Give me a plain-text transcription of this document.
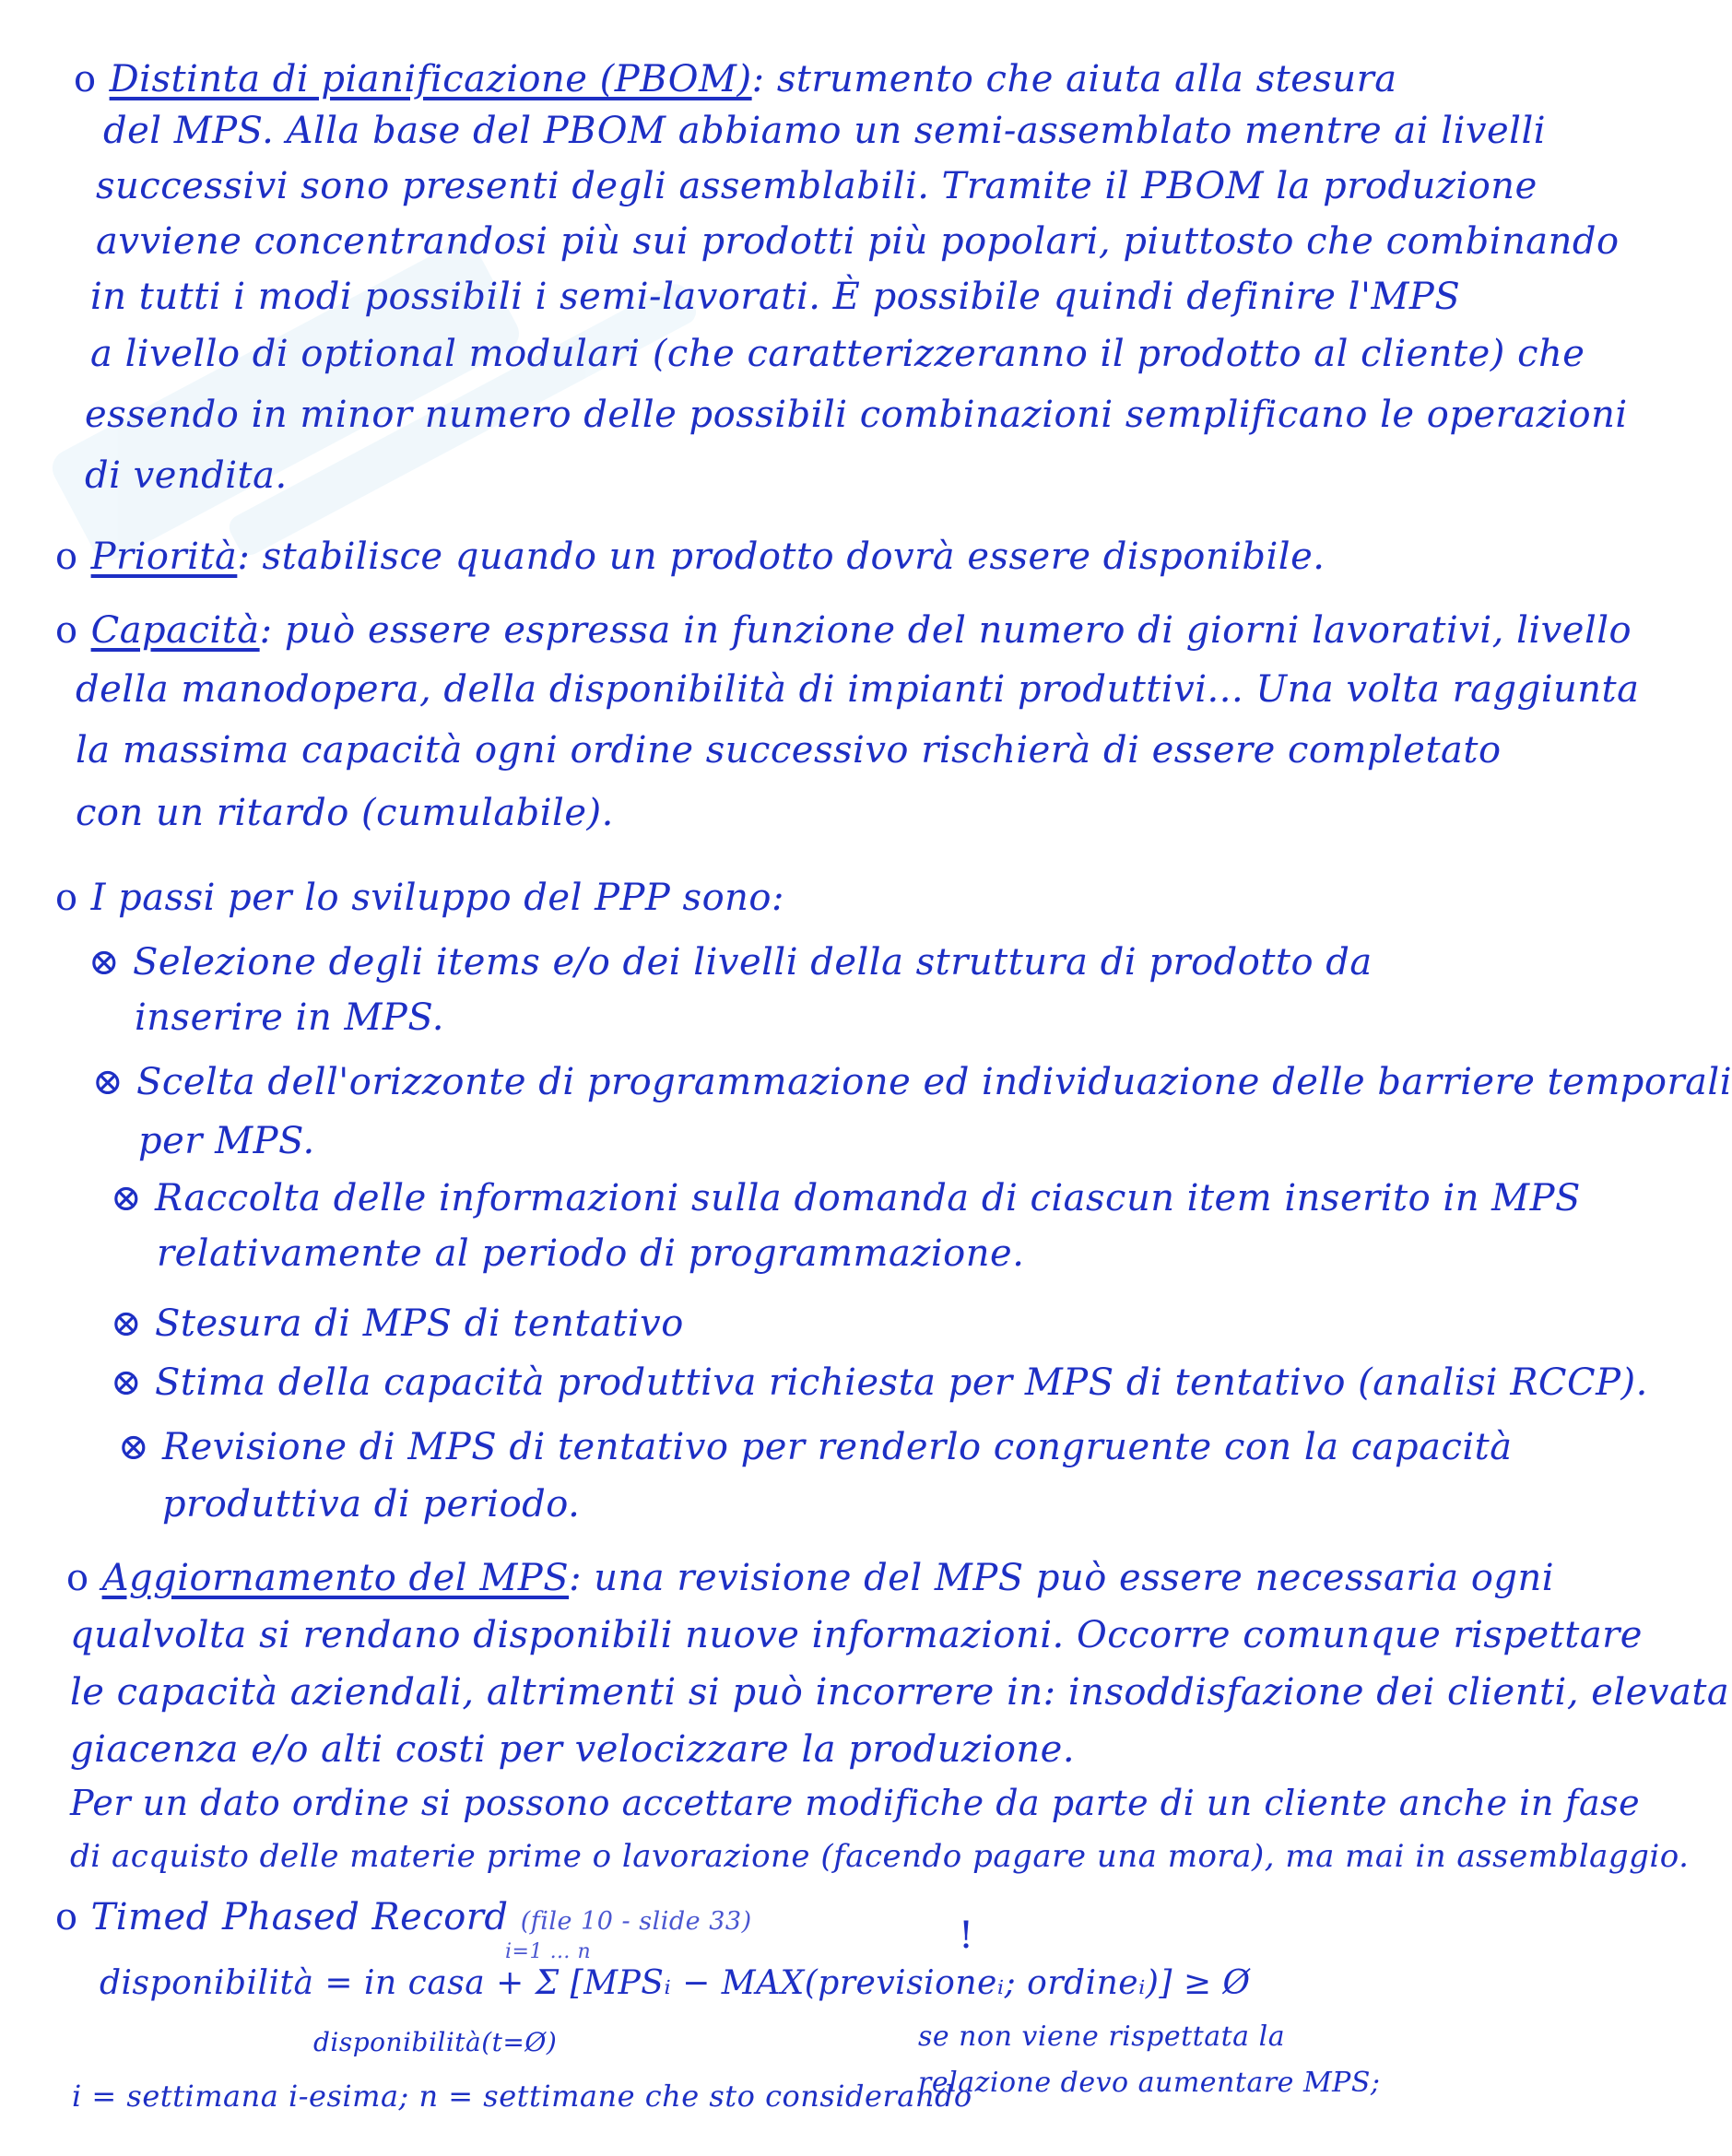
o Distinta di pianificazione (PBOM): strumento che aiuta alla stesura
del MPS. Alla base del PBOM abbiamo un semi-assemblato mentre ai livelli
successivi sono presenti degli assemblabili. Tramite il PBOM la produzione
avviene concentrandosi più sui prodotti più popolari, piuttosto che combinando
in tutti i modi possibili i semi-lavorati. È possibile quindi definire l'MPS
a livello di optional modulari (che caratterizzeranno il prodotto al cliente) che
essendo in minor numero delle possibili combinazioni semplificano le operazioni
di vendita.
o Priorità: stabilisce quando un prodotto dovrà essere disponibile.
o Capacità: può essere espressa in funzione del numero di giorni lavorativi, livello
della manodopera, della disponibilità di impianti produttivi... Una volta raggiunta
la massima capacità ogni ordine successivo rischierà di essere completato
con un ritardo (cumulabile).
o I passi per lo sviluppo del PPP sono:
⊗ Selezione degli items e/o dei livelli della struttura di prodotto da
inserire in MPS.
⊗ Scelta dell'orizzonte di programmazione ed individuazione delle barriere temporali
per MPS.
⊗ Raccolta delle informazioni sulla domanda di ciascun item inserito in MPS
relativamente al periodo di programmazione.
⊗ Stesura di MPS di tentativo
⊗ Stima della capacità produttiva richiesta per MPS di tentativo (analisi RCCP).
⊗ Revisione di MPS di tentativo per renderlo congruente con la capacità
produttiva di periodo.
o Aggiornamento del MPS: una revisione del MPS può essere necessaria ogni
qualvolta si rendano disponibili nuove informazioni. Occorre comunque rispettare
le capacità aziendali, altrimenti si può incorrere in: insoddisfazione dei clienti, elevata
giacenza e/o alti costi per velocizzare la produzione.
Per un dato ordine si possono accettare modifiche da parte di un cliente anche in fase
di acquisto delle materie prime o lavorazione (facendo pagare una mora), ma mai in assemblaggio.
o Timed Phased Record (file 10 - slide 33)	!
disponibilità = in casa + Σ [MPSᵢ − MAX(previsioneᵢ; ordineᵢ)] ≥ Ø
i=1 … n
disponibilità(t=Ø)	se non viene rispettata la
relazione devo aumentare MPS;
i = settimana i-esima; n = settimane che sto considerando
